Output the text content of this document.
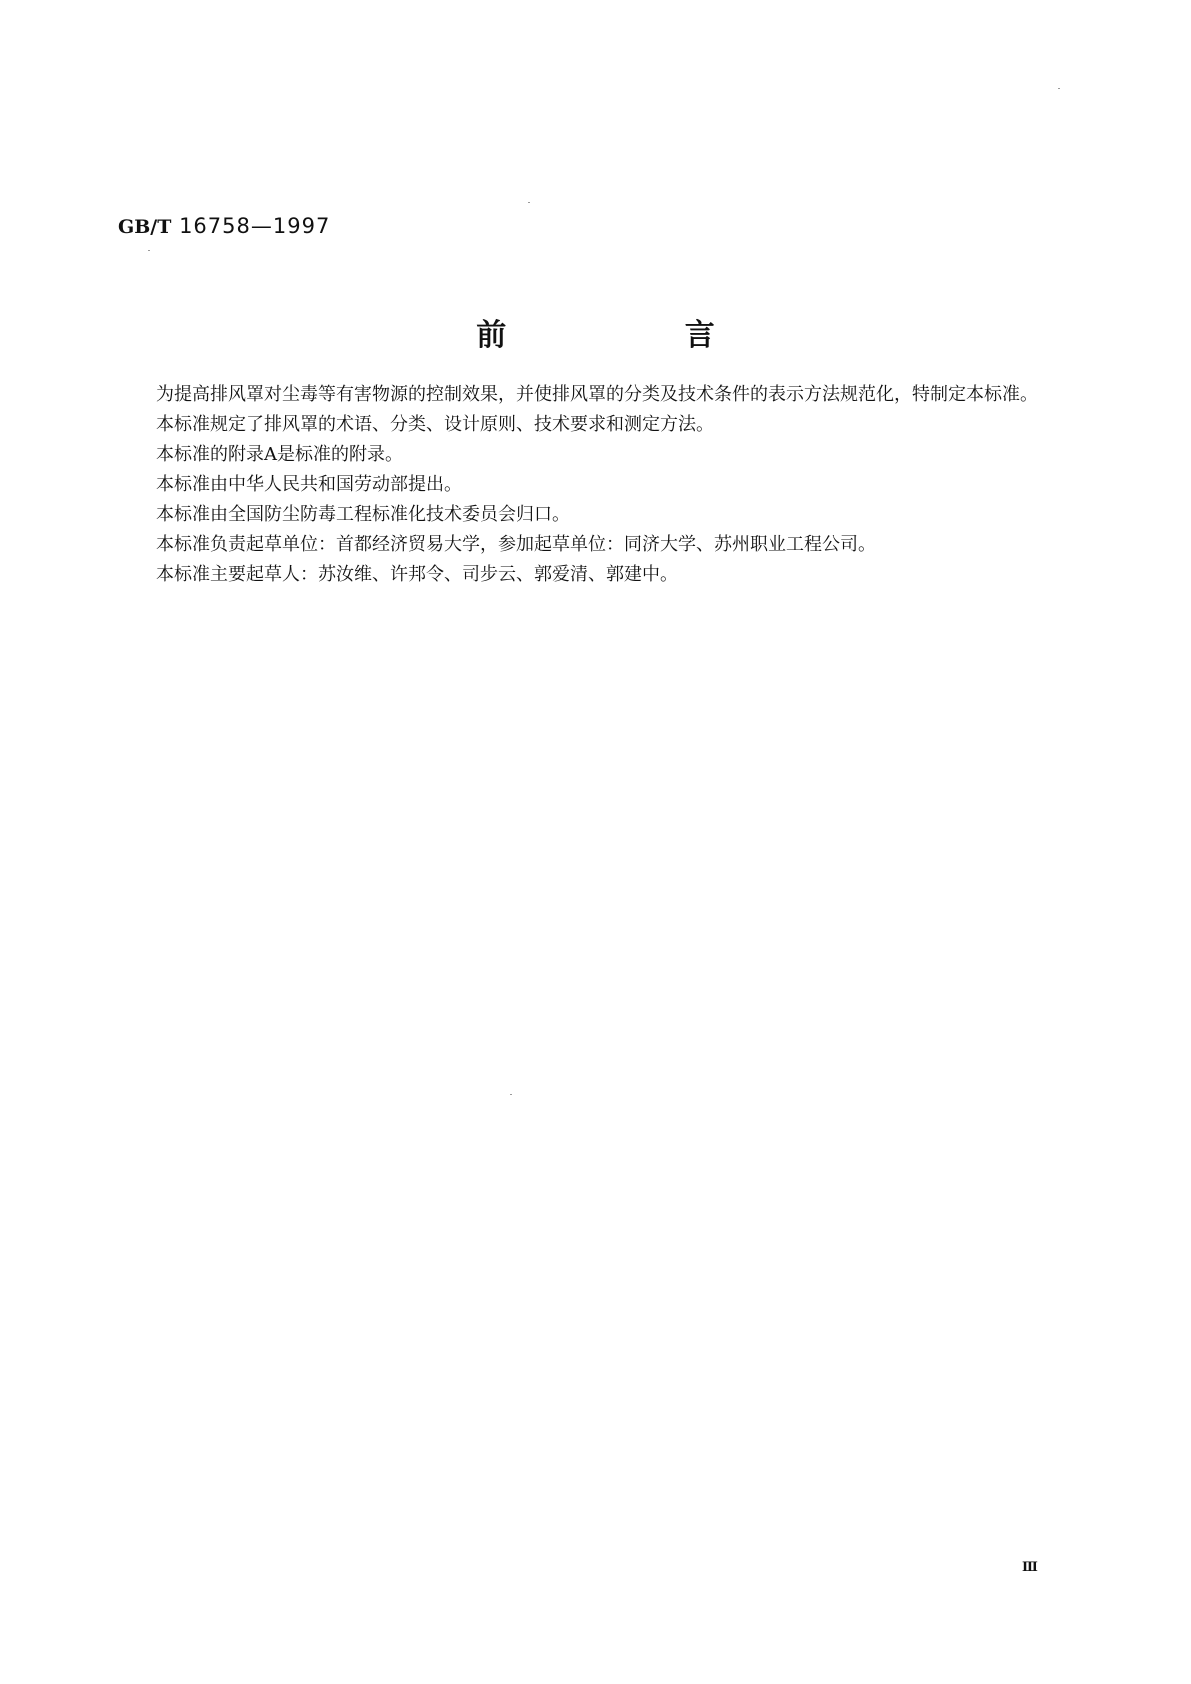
GB/T 16758—1997
前 言

为提高排风罩对尘毒等有害物源的控制效果，并使排风罩的分类及技术条件的表示方法规范化，特制定本标准。

本标准规定了排风罩的术语、分类、设计原则、技术要求和测定方法。

本标准的附录A是标准的附录。

本标准由中华人民共和国劳动部提出。

本标准由全国防尘防毒工程标准化技术委员会归口。

本标准负责起草单位：首都经济贸易大学，参加起草单位：同济大学、苏州职业工程公司。

本标准主要起草人：苏汝维、许邦令、司步云、郭爱清、郭建中。

Ⅲ
